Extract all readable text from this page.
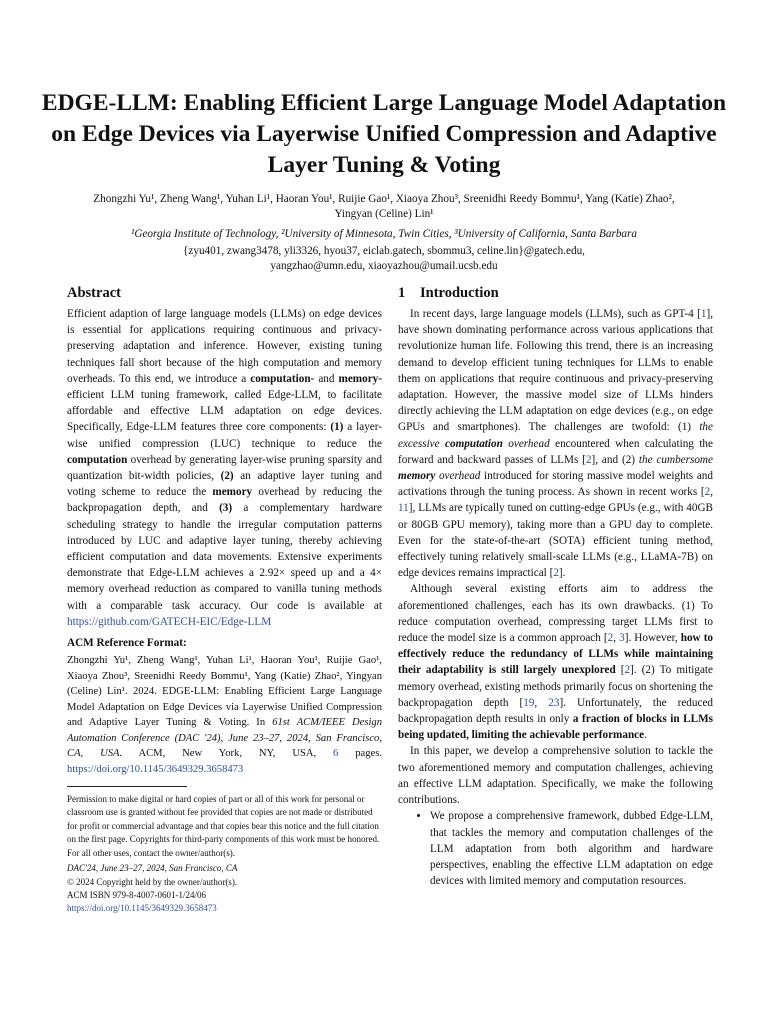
EDGE-LLM: Enabling Efficient Large Language Model Adaptation on Edge Devices via Layerwise Unified Compression and Adaptive Layer Tuning & Voting
Zhongzhi Yu¹, Zheng Wang¹, Yuhan Li¹, Haoran You¹, Ruijie Gao¹, Xiaoya Zhou³, Sreenidhi Reedy Bommu¹, Yang (Katie) Zhao²,
Yingyan (Celine) Lin¹
¹Georgia Institute of Technology, ²University of Minnesota, Twin Cities, ³University of California, Santa Barbara
{zyu401, zwang3478, yli3326, hyou37, eiclab.gatech, sbommu3, celine.lin}@gatech.edu,
yangzhao@umn.edu, xiaoyazhou@umail.ucsb.edu
Abstract

Efficient adaption of large language models (LLMs) on edge devices is essential for applications requiring continuous and privacy-preserving adaptation and inference. However, existing tuning techniques fall short because of the high computation and memory overheads. To this end, we introduce a computation- and memory-efficient LLM tuning framework, called Edge-LLM, to facilitate affordable and effective LLM adaptation on edge devices. Specifically, Edge-LLM features three core components: (1) a layer-wise unified compression (LUC) technique to reduce the computation overhead by generating layer-wise pruning sparsity and quantization bit-width policies, (2) an adaptive layer tuning and voting scheme to reduce the memory overhead by reducing the backpropagation depth, and (3) a complementary hardware scheduling strategy to handle the irregular computation patterns introduced by LUC and adaptive layer tuning, thereby achieving efficient computation and data movements. Extensive experiments demonstrate that Edge-LLM achieves a 2.92× speed up and a 4× memory overhead reduction as compared to vanilla tuning methods with a comparable task accuracy. Our code is available at https://github.com/GATECH-EIC/Edge-LLM

ACM Reference Format:

Zhongzhi Yu¹, Zheng Wang¹, Yuhan Li¹, Haoran You¹, Ruijie Gao¹, Xiaoya Zhou³, Sreenidhi Reedy Bommu¹, Yang (Katie) Zhao², Yingyan (Celine) Lin¹. 2024. EDGE-LLM: Enabling Efficient Large Language Model Adaptation on Edge Devices via Layerwise Unified Compression and Adaptive Layer Tuning & Voting. In 61st ACM/IEEE Design Automation Conference (DAC '24), June 23–27, 2024, San Francisco, CA, USA. ACM, New York, NY, USA, 6 pages. https://doi.org/10.1145/3649329.3658473

Permission to make digital or hard copies of part or all of this work for personal or classroom use is granted without fee provided that copies are not made or distributed for profit or commercial advantage and that copies bear this notice and the full citation on the first page. Copyrights for third-party components of this work must be honored. For all other uses, contact the owner/author(s).

DAC'24, June 23–27, 2024, San Francisco, CA
© 2024 Copyright held by the owner/author(s).
ACM ISBN 979-8-4007-0601-1/24/06
https://doi.org/10.1145/3649329.3658473
1 Introduction

In recent days, large language models (LLMs), such as GPT-4 [1], have shown dominating performance across various applications that revolutionize human life. Following this trend, there is an increasing demand to develop efficient tuning techniques for LLMs to enable them on applications that require continuous and privacy-preserving adaptation. However, the massive model size of LLMs hinders directly achieving the LLM adaptation on edge devices (e.g., on edge GPUs and smartphones). The challenges are twofold: (1) the excessive computation overhead encountered when calculating the forward and backward passes of LLMs [2], and (2) the cumbersome memory overhead introduced for storing massive model weights and activations through the tuning process. As shown in recent works [2, 11], LLMs are typically tuned on cutting-edge GPUs (e.g., with 40GB or 80GB GPU memory), taking more than a GPU day to complete. Even for the state-of-the-art (SOTA) efficient tuning method, effectively tuning relatively small-scale LLMs (e.g., LLaMA-7B) on edge devices remains impractical [2].

Although several existing efforts aim to address the aforementioned challenges, each has its own drawbacks. (1) To reduce computation overhead, compressing target LLMs first to reduce the model size is a common approach [2, 3]. However, how to effectively reduce the redundancy of LLMs while maintaining their adaptability is still largely unexplored [2]. (2) To mitigate memory overhead, existing methods primarily focus on shortening the backpropagation depth [19, 23]. Unfortunately, the reduced backpropagation depth results in only a fraction of blocks in LLMs being updated, limiting the achievable performance.

In this paper, we develop a comprehensive solution to tackle the two aforementioned memory and computation challenges, achieving an effective LLM adaptation. Specifically, we make the following contributions.

• We propose a comprehensive framework, dubbed Edge-LLM, that tackles the memory and computation challenges of the LLM adaptation from both algorithm and hardware perspectives, enabling the effective LLM adaptation on edge devices with limited memory and computation resources.
